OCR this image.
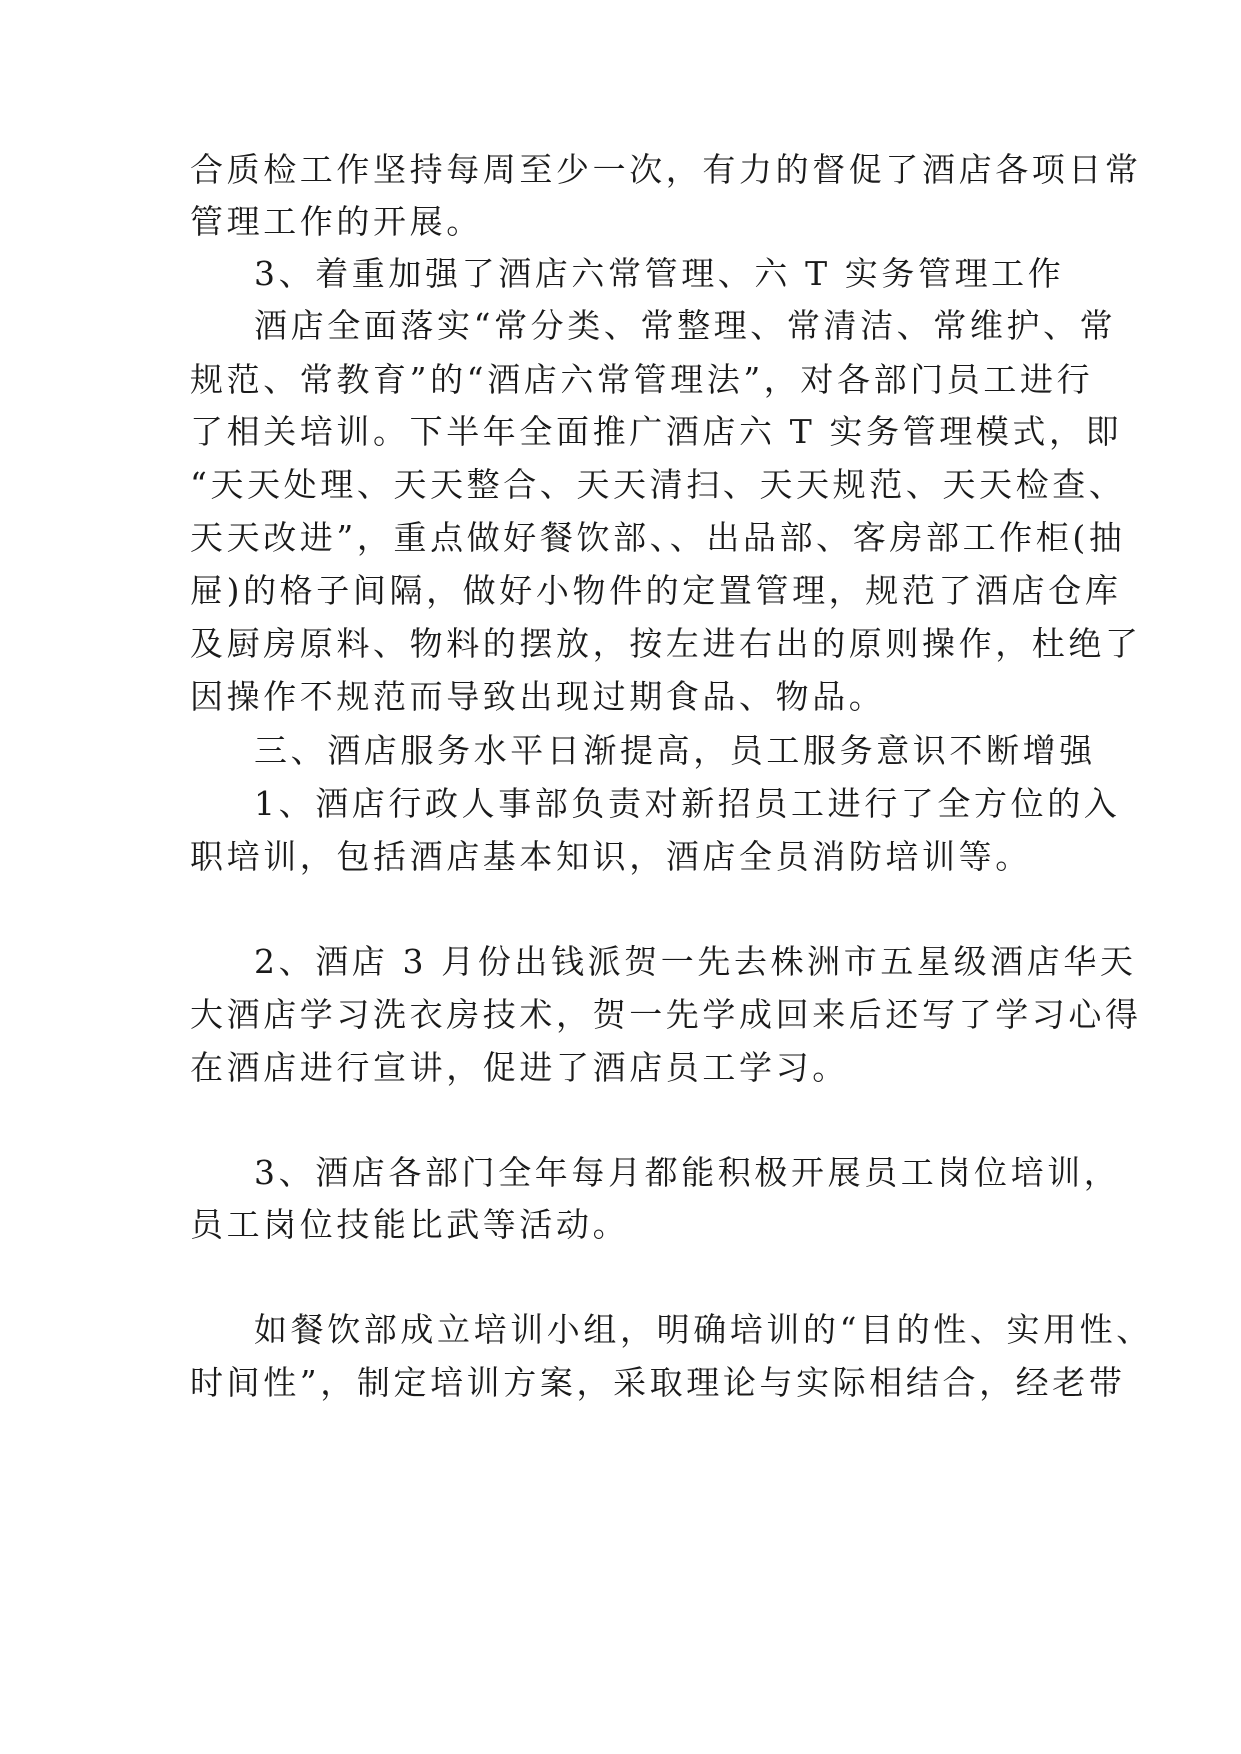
合质检工作坚持每周至少一次，有力的督促了酒店各项日常
管理工作的开展。
3、着重加强了酒店六常管理、六 T 实务管理工作
酒店全面落实“常分类、常整理、常清洁、常维护、常
规范、常教育”的“酒店六常管理法”，对各部门员工进行
了相关培训。下半年全面推广酒店六 T 实务管理模式，即
“天天处理、天天整合、天天清扫、天天规范、天天检查、
天天改进”，重点做好餐饮部、、出品部、客房部工作柜(抽
屉)的格子间隔，做好小物件的定置管理，规范了酒店仓库
及厨房原料、物料的摆放，按左进右出的原则操作，杜绝了
因操作不规范而导致出现过期食品、物品。
三、酒店服务水平日渐提高，员工服务意识不断增强
1、酒店行政人事部负责对新招员工进行了全方位的入
职培训，包括酒店基本知识，酒店全员消防培训等。
2、酒店 3 月份出钱派贺一先去株洲市五星级酒店华天
大酒店学习洗衣房技术，贺一先学成回来后还写了学习心得
在酒店进行宣讲，促进了酒店员工学习。
3、酒店各部门全年每月都能积极开展员工岗位培训，
员工岗位技能比武等活动。
如餐饮部成立培训小组，明确培训的“目的性、实用性、
时间性”，制定培训方案，采取理论与实际相结合，经老带
